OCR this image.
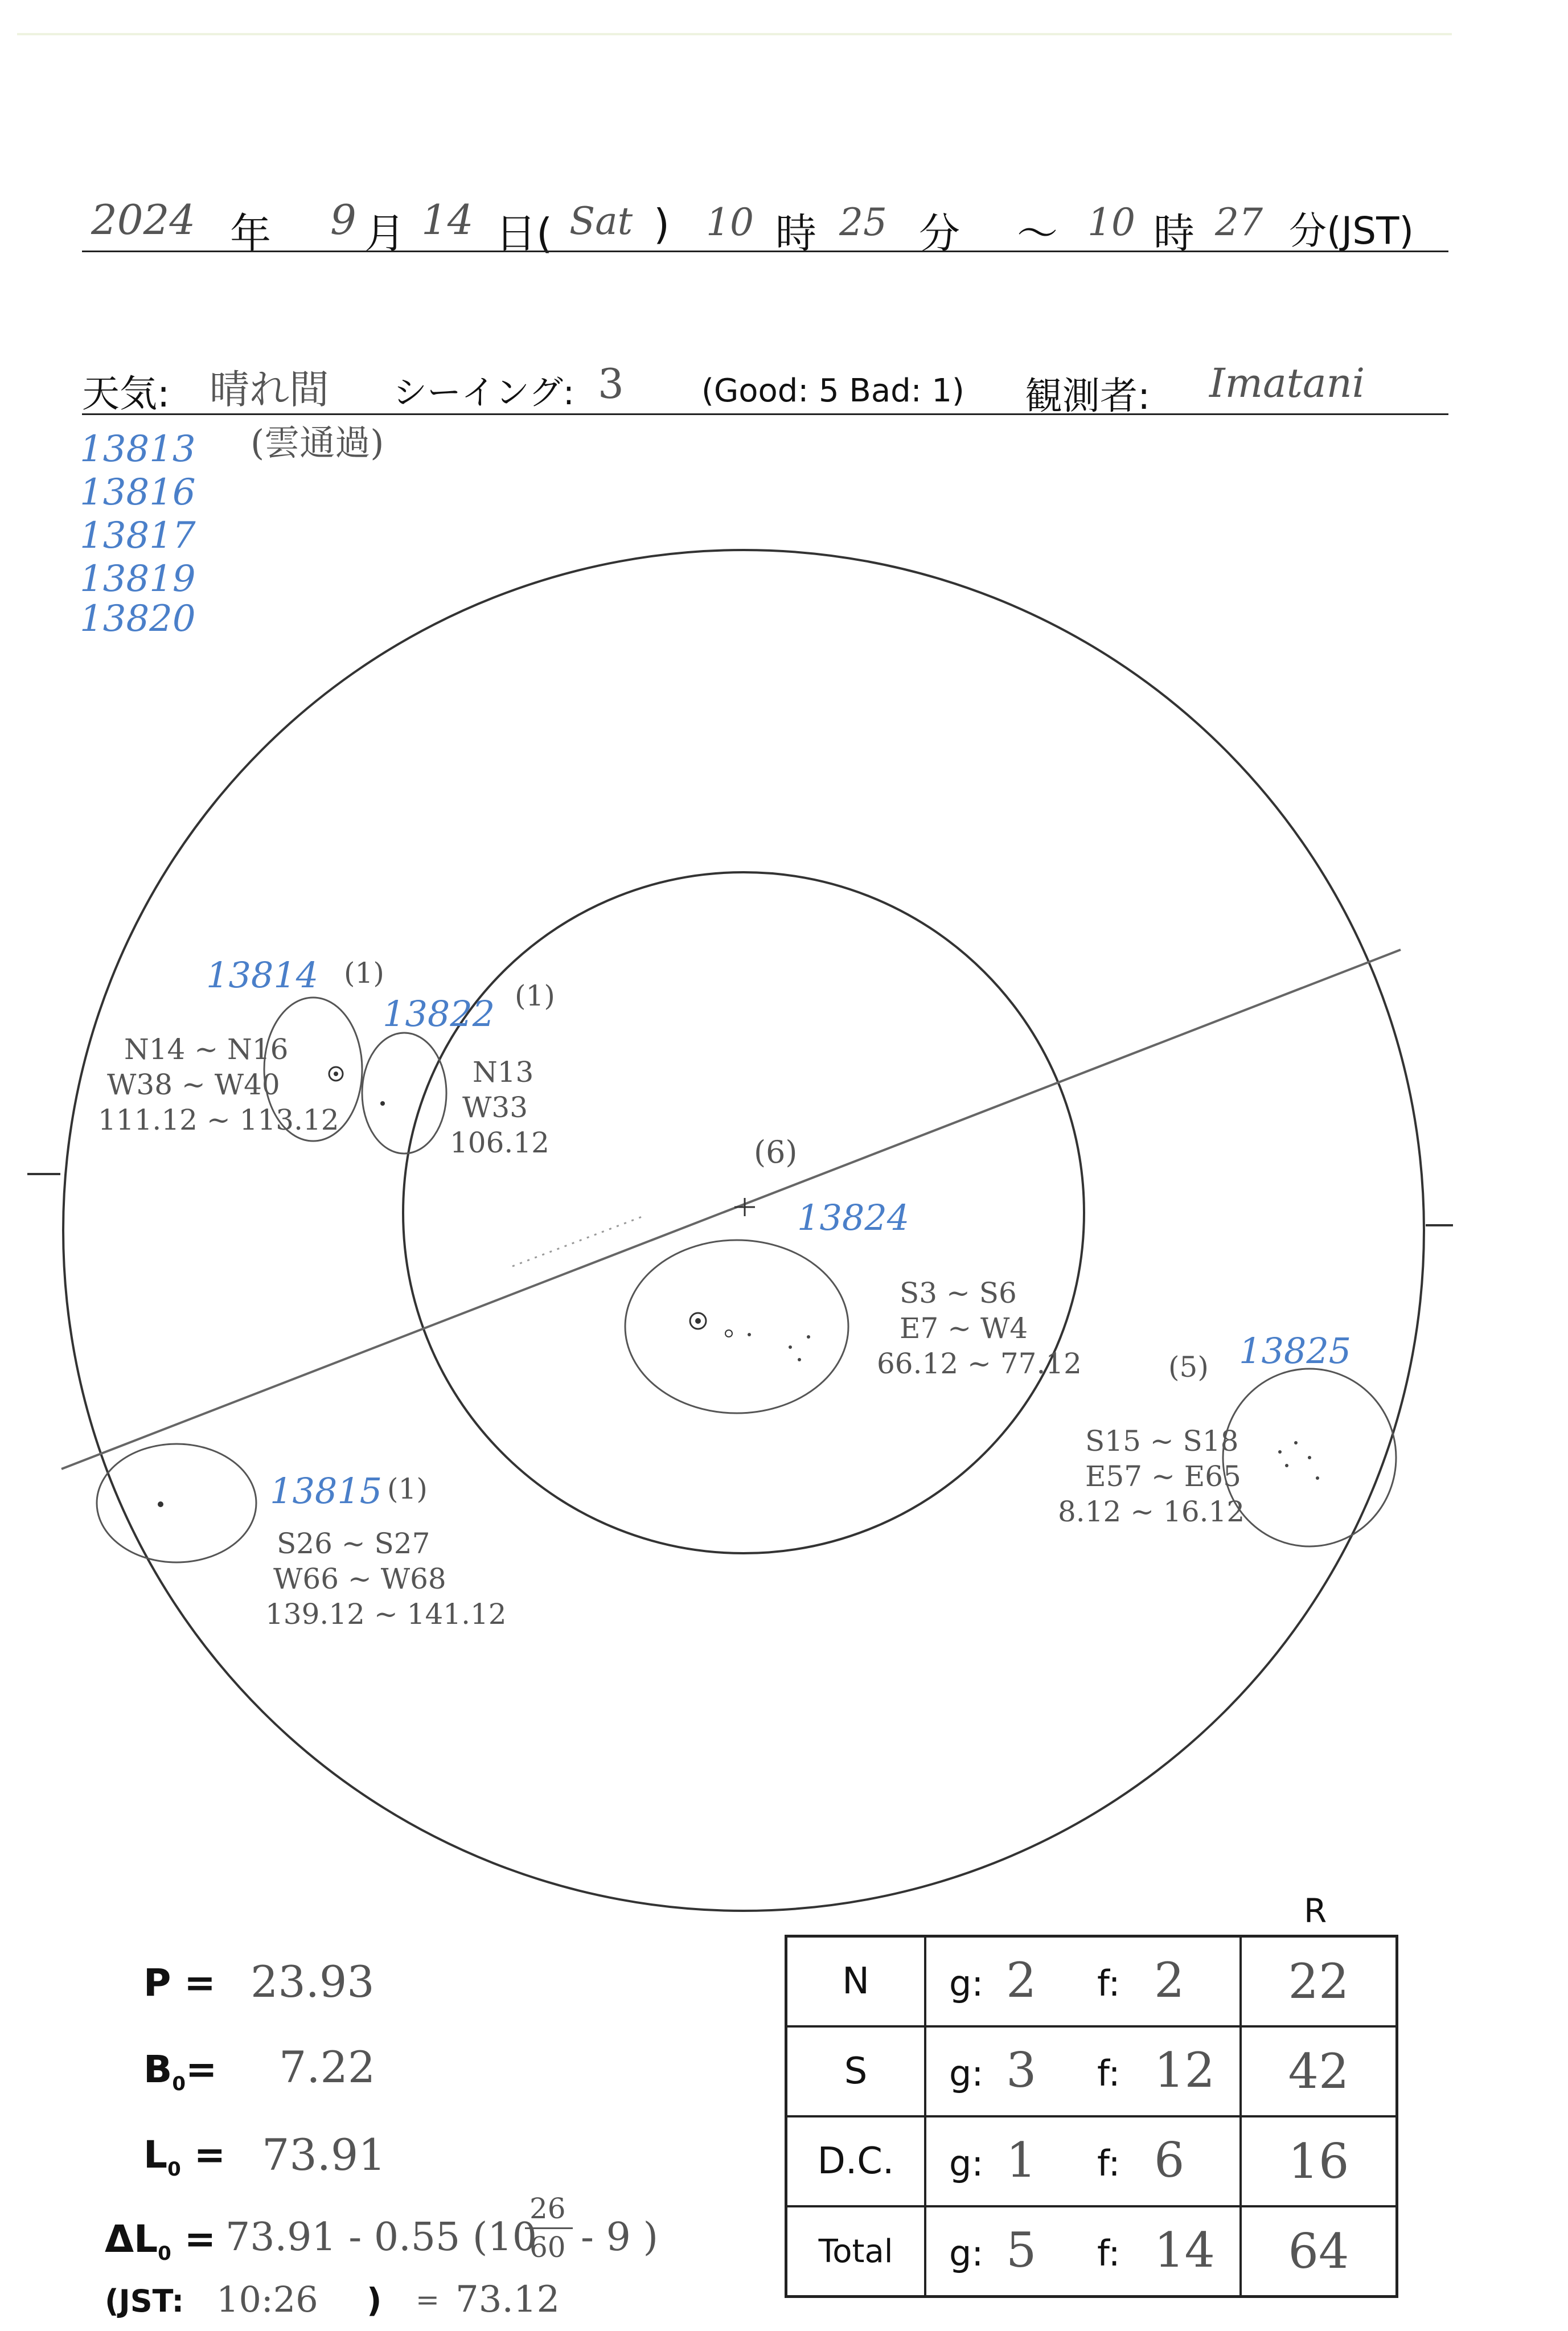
2024 年 9 月 14 日( Sat ) 10 時 25 分 ～ 10 時 27 分(JST)
天気: 晴れ間 シーイング: 3 (Good: 5 Bad: 1) 観測者: Imatani
(雲通過)
13813
13816
13817
13819
13820
(6)
13814 (1)
N14 ~ N16
W38 ~ W40
111.12 ~ 113.12
13822 (1)
N13
W33
106.12
13824
S3 ~ S6
E7 ~ W4
66.12 ~ 77.12	(5) 13825
S15 ~ S18
E57 ~ E65
8.12 ~ 16.12
13815 (1)
S26 ~ S27
W66 ~ W68
139.12 ~ 141.12
P = 23.93
$B_0= 7.22$
$L_0 = 73.91$
$\Delta L_0 = 73.91 - 0.55$ (10
26
60 - 9 )
(JST: 10:26 ) = 73.12
R
N	g: 2 f: 2	22
S	g: 3 f: 12	42
D.C.	g: 1 f: 6	16
Total	g: 5 f: 14	64
